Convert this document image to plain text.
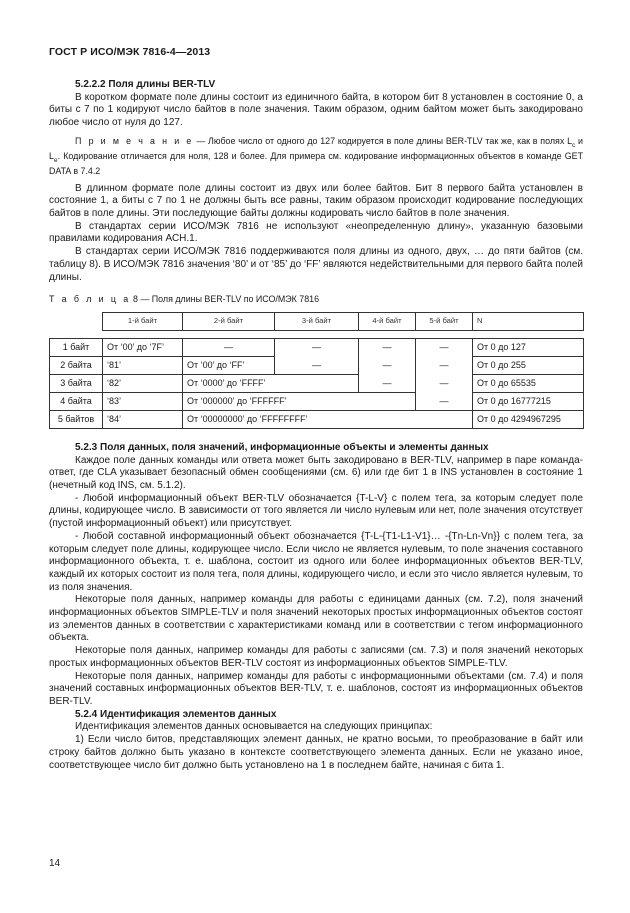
ГОСТ Р ИСО/МЭК 7816-4—2013

5.2.2.2 Поля длины BER-TLV

В коротком формате поле длины состоит из единичного байта, в котором бит 8 установлен в состояние 0, а биты с 7 по 1 кодируют число байтов в поле значения. Таким образом, одним байтом может быть закодировано любое число от нуля до 127.

П р и м е ч а н и е — Любое число от одного до 127 кодируется в поле длины BER-TLV так же, как в полях $L_c$ и $L_e$. Кодирование отличается для ноля, 128 и более. Для примера см. кодирование информационных объектов в команде GET DATA в 7.4.2

В длинном формате поле длины состоит из двух или более байтов. Бит 8 первого байта установлен в состояние 1, а биты с 7 по 1 не должны быть все равны, таким образом происходит кодирование последующих байтов в поле длины. Эти последующие байты должны кодировать число байтов в поле значения.

В стандартах серии ИСО/МЭК 7816 не используют «неопределенную длину», указанную базовыми правилами кодирования АСН.1.

В стандартах серии ИСО/МЭК 7816 поддерживаются поля длины из одного, двух, … до пяти байтов (см. таблицу 8). В ИСО/МЭК 7816 значения ‘80’ и от ‘85’ до ‘FF’ являются недействительными для первого байта полей длины.

Т а б л и ц а 8 — Поля длины BER-TLV по ИСО/МЭК 7816

	1-й байт	2-й байт	3-й байт	4-й байт	5-й байт	N

1 байт	От ‘00’ до ‘7F’	—	—	—	—	От 0 до 127
2 байта	‘81’	От ‘00’ до ‘FF’	—	—	—	От 0 до 255
3 байта	‘82’	От ‘0000’ до ‘FFFF’		—	—	От 0 до 65535
4 байта	‘83’	От ‘000000’ до ‘FFFFFF’			—	От 0 до 16777215
5 байтов	‘84’	От ‘00000000’ до ‘FFFFFFFF’				От 0 до 4294967295

5.2.3 Поля данных, поля значений, информационные объекты и элементы данных

Каждое поле данных команды или ответа может быть закодировано в BER-TLV, например в паре команда-ответ, где CLA указывает безопасный обмен сообщениями (см. 6) или где бит 1 в INS установлен в состояние 1 (нечетный код INS, см. 5.1.2).

- Любой информационный объект BER-TLV обозначается {T-L-V} с полем тега, за которым следует поле длины, кодирующее число. В зависимости от того является ли число нулевым или нет, поле значения отсутствует (пустой информационный объект) или присутствует.

- Любой составной информационный объект обозначается {T-L-{T1-L1-V1}… -{Tn-Ln-Vn}} с полем тега, за которым следует поле длины, кодирующее число. Если число не является нулевым, то поле значения составного информационного объекта, т. е. шаблона, состоит из одного или более информационных объектов BER-TLV, каждый их которых состоит из поля тега, поля длины, кодирующего число, и если это число является нулевым, то из поля значения.

Некоторые поля данных, например команды для работы с единицами данных (см. 7.2), поля значений информационных объектов SIMPLE-TLV и поля значений некоторых простых информационных объектов состоят из элементов данных в соответствии с характеристиками команд или в соответствии с тегом информационного объекта.

Некоторые поля данных, например команды для работы с записями (см. 7.3) и поля значений некоторых простых информационных объектов BER-TLV состоят из информационных объектов SIMPLE-TLV.

Некоторые поля данных, например команды для работы с информационными объектами (см. 7.4) и поля значений составных информационных объектов BER-TLV, т. е. шаблонов, состоят из информационных объектов BER-TLV.

5.2.4 Идентификация элементов данных

Идентификация элементов данных основывается на следующих принципах:

1) Если число битов, представляющих элемент данных, не кратно восьми, то преобразование в байт или строку байтов должно быть указано в контексте соответствующего элемента данных. Если не указано иное, соответствующее число бит должно быть установлено на 1 в последнем байте, начиная с бита 1.

14
